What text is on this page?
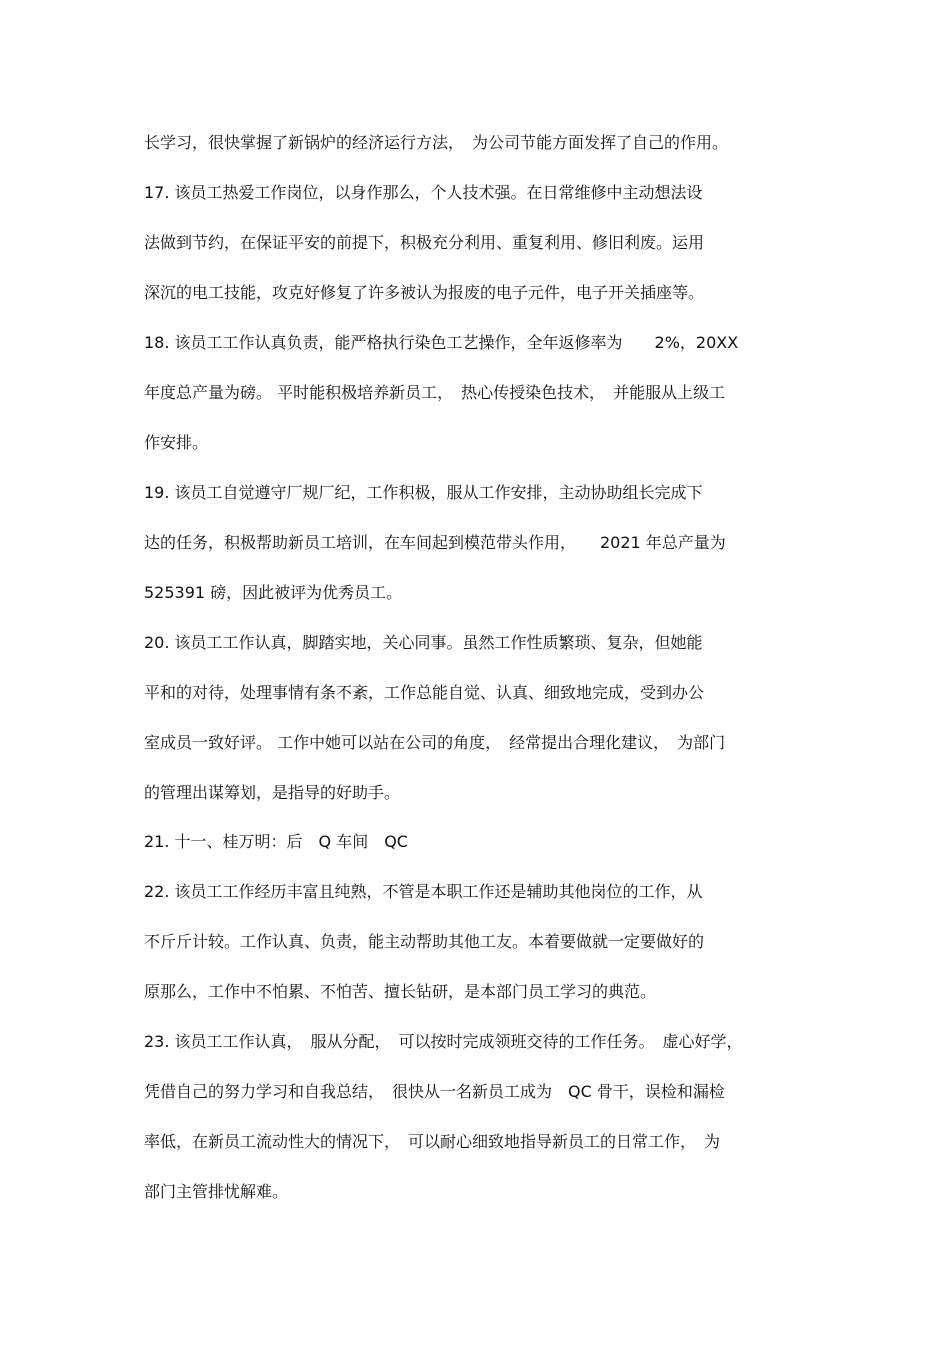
长学习，很快掌握了新锅炉的经济运行方法，　为公司节能方面发挥了自己的作用。
17. 该员工热爱工作岗位，以身作那么，个人技术强。在日常维修中主动想法设
法做到节约，在保证平安的前提下，积极充分利用、重复利用、修旧利废。运用
深沉的电工技能，攻克好修复了许多被认为报废的电子元件，电子开关插座等。
18. 该员工工作认真负责，能严格执行染色工艺操作，全年返修率为　　2%，20XX
年度总产量为磅。 平时能积极培养新员工，　热心传授染色技术，　并能服从上级工
作安排。
19. 该员工自觉遵守厂规厂纪，工作积极，服从工作安排，主动协助组长完成下
达的任务，积极帮助新员工培训，在车间起到模范带头作用，　　2021 年总产量为
525391 磅，因此被评为优秀员工。
20. 该员工工作认真，脚踏实地，关心同事。虽然工作性质繁琐、复杂，但她能
平和的对待，处理事情有条不紊，工作总能自觉、认真、细致地完成，受到办公
室成员一致好评。 工作中她可以站在公司的角度，　经常提出合理化建议，　为部门
的管理出谋筹划，是指导的好助手。
21. 十一、桂万明：后　Q 车间　QC
22. 该员工工作经历丰富且纯熟，不管是本职工作还是辅助其他岗位的工作，从
不斤斤计较。工作认真、负责，能主动帮助其他工友。本着要做就一定要做好的
原那么，工作中不怕累、不怕苦、擅长钻研，是本部门员工学习的典范。
23. 该员工工作认真，　服从分配，　可以按时完成领班交待的工作任务。　虚心好学，
凭借自己的努力学习和自我总结，　很快从一名新员工成为　QC 骨干，误检和漏检
率低，在新员工流动性大的情况下，　可以耐心细致地指导新员工的日常工作，　为
部门主管排忧解难。
